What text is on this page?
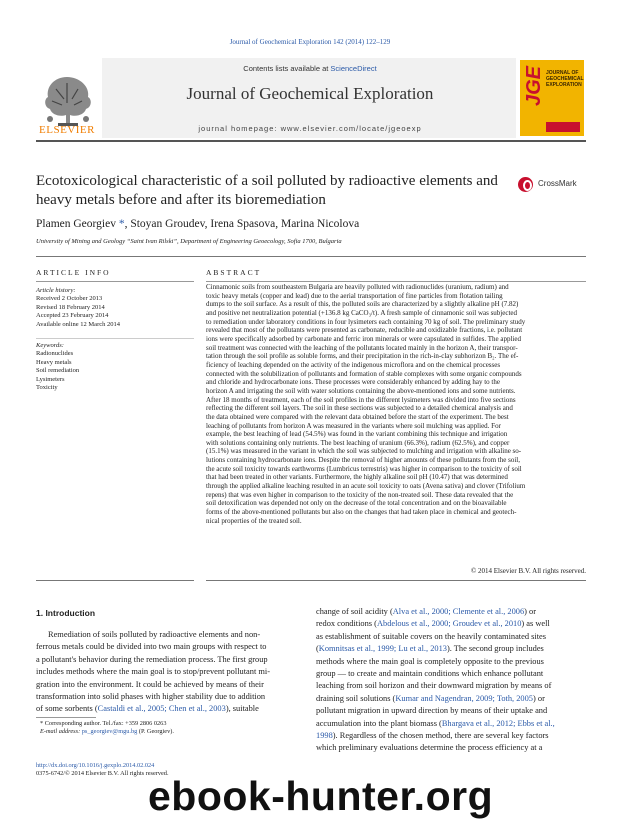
Journal of Geochemical Exploration 142 (2014) 122–129
ELSEVIER
Contents lists available at ScienceDirect
Journal of Geochemical Exploration
journal homepage: www.elsevier.com/locate/jgeoexp
JGE JOURNAL OF GEOCHEMICAL EXPLORATION
Ecotoxicological characteristic of a soil polluted by radioactive elements and heavy metals before and after its bioremediation
CrossMark
Plamen Georgiev *, Stoyan Groudev, Irena Spasova, Marina Nicolova
University of Mining and Geology “Saint Ivan Rilski”, Department of Engineering Geoecology, Sofia 1700, Bulgaria
ARTICLE INFO	ABSTRACT
Article history:
Received 2 October 2013
Revised 18 February 2014
Accepted 23 February 2014
Available online 12 March 2014
Keywords:
Radionuclides
Heavy metals
Soil remediation
Lysimeters
Toxicity
Cinnamonic soils from southeastern Bulgaria are heavily polluted with radionuclides (uranium, radium) and
toxic heavy metals (copper and lead) due to the aerial transportation of fine particles from flotation tailing
dumps to the soil surface. As a result of this, the polluted soils are characterized by a slightly alkaline pH (7.82)
and positive net neutralization potential (+136.8 kg CaCO₃/t). A fresh sample of cinnamonic soil was subjected
to remediation under laboratory conditions in four lysimeters each containing 70 kg of soil. The preliminary study
revealed that most of the pollutants were presented as carbonate, reducible and oxidizable fractions, i.e. pollutant
ions were specifically adsorbed by carbonate and ferric iron minerals or were capsulated in sulfides. The applied
soil treatment was connected with the leaching of the pollutants located mainly in the horizon A, their transpor-
tation through the soil profile as soluble forms, and their precipitation in the rich-in-clay subhorizon B₂. The ef-
ficiency of leaching depended on the activity of the indigenous microflora and on the chemical processes
connected with the solubilization of pollutants and formation of stable complexes with some organic compounds
and chloride and hydrocarbonate ions. These processes were considerably enhanced by adding hay to the
horizon A and irrigating the soil with water solutions containing the above-mentioned ions and some nutrients.
After 18 months of treatment, each of the soil profiles in the different lysimeters was divided into five sections
reflecting the different soil layers. The soil in these sections was subjected to a detailed chemical analysis and
the data obtained were compared with the relevant data obtained before the start of the experiment. The best
leaching of pollutants from horizon A was measured in the variants where soil mulching was applied. For
example, the best leaching of lead (54.5%) was found in the variant combining this technique and irrigation
with solutions containing only nutrients. The best leaching of uranium (66.3%), radium (62.5%), and copper
(15.1%) was measured in the variant in which the soil was subjected to mulching and irrigation with alkaline so-
lutions containing hydrocarbonate ions. Despite the removal of higher amounts of these pollutants from the soil,
the acute soil toxicity towards earthworms (Lumbricus terrestris) was higher in comparison to the toxicity of soil
that had been treated in other variants. Furthermore, the highly alkaline soil pH (10.47) that was determined
through the applied alkaline leaching resulted in an acute soil toxicity to oats (Avena sativa) and clover (Trifolium
repens) that was even higher in comparison to the toxicity of the non-treated soil. These data revealed that the
soil detoxification was depended not only on the decrease of the total concentration and on the bioavailable
forms of the above-mentioned pollutants but also on the changes that had taken place in chemical and geotech-
nical properties of the treated soil.
© 2014 Elsevier B.V. All rights reserved.
1. Introduction
Remediation of soils polluted by radioactive elements and non-
ferrous metals could be divided into two main groups with respect to
a pollutant's behavior during the remediation process. The first group
includes methods where the main goal is to stop/prevent pollutant mi-
gration into the environment. It could be achieved by means of their
transformation into solid phases with higher stability due to addition
of some sorbents (Castaldi et al., 2005; Chen et al., 2003), suitable
change of soil acidity (Alva et al., 2000; Clemente et al., 2006) or
redox conditions (Abdelous et al., 2000; Groudev et al., 2010) as well
as establishment of suitable covers on the heavily contaminated sites
(Komnitsas et al., 1999; Lu et al., 2013). The second group includes
methods where the main goal is completely opposite to the previous
group — to create and maintain conditions which enhance pollutant
leaching from soil horizon and their downward migration by means of
draining soil solutions (Kumar and Nagendran, 2009; Toth, 2005) or
pollutant migration in upward direction by means of their uptake and
accumulation into the plant biomass (Bhargava et al., 2012; Ebbs et al.,
1998). Regardless of the chosen method, there are several key factors
which preliminary evaluations determine the process efficiency at a
* Corresponding author. Tel./fax: +359 2806 0263
E-mail address: ps_georgiev@mgu.bg (P. Georgiev).
http://dx.doi.org/10.1016/j.gexplo.2014.02.024
0375-6742/© 2014 Elsevier B.V. All rights reserved.
ebook-hunter.org
